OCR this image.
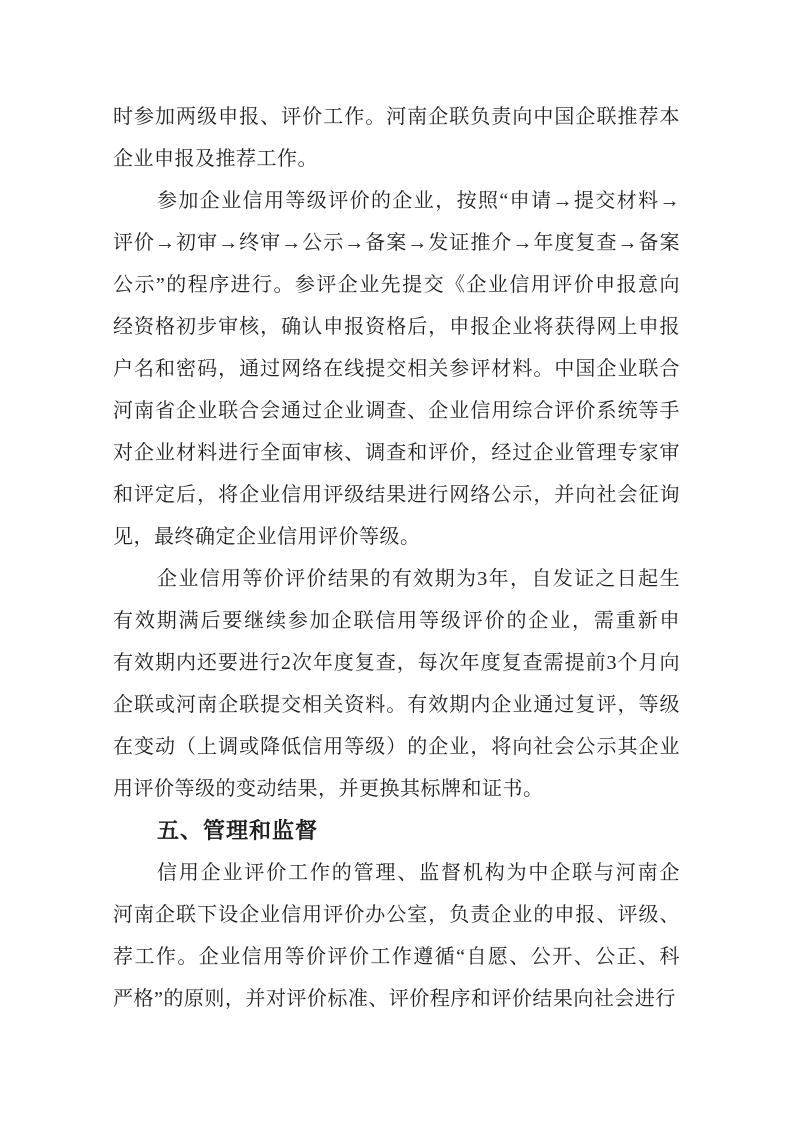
时参加两级申报、评价工作。河南企联负责向中国企联推荐本
企业申报及推荐工作。
参加企业信用等级评价的企业，按照“申请→提交材料→
评价→初审→终审→公示→备案→发证推介→年度复查→备案
公示”的程序进行。参评企业先提交《企业信用评价申报意向
经资格初步审核，确认申报资格后，申报企业将获得网上申报
户名和密码，通过网络在线提交相关参评材料。中国企业联合
河南省企业联合会通过企业调查、企业信用综合评价系统等手
对企业材料进行全面审核、调查和评价，经过企业管理专家审
和评定后，将企业信用评级结果进行网络公示，并向社会征询
见，最终确定企业信用评价等级。
企业信用等价评价结果的有效期为3年，自发证之日起生
有效期满后要继续参加企联信用等级评价的企业，需重新申
有效期内还要进行2次年度复查，每次年度复查需提前3个月向
企联或河南企联提交相关资料。有效期内企业通过复评，等级
在变动（上调或降低信用等级）的企业，将向社会公示其企业
用评价等级的变动结果，并更换其标牌和证书。
五、管理和监督
信用企业评价工作的管理、监督机构为中企联与河南企
河南企联下设企业信用评价办公室，负责企业的申报、评级、
荐工作。企业信用等价评价工作遵循“自愿、公开、公正、科
严格”的原则，并对评价标准、评价程序和评价结果向社会进行
